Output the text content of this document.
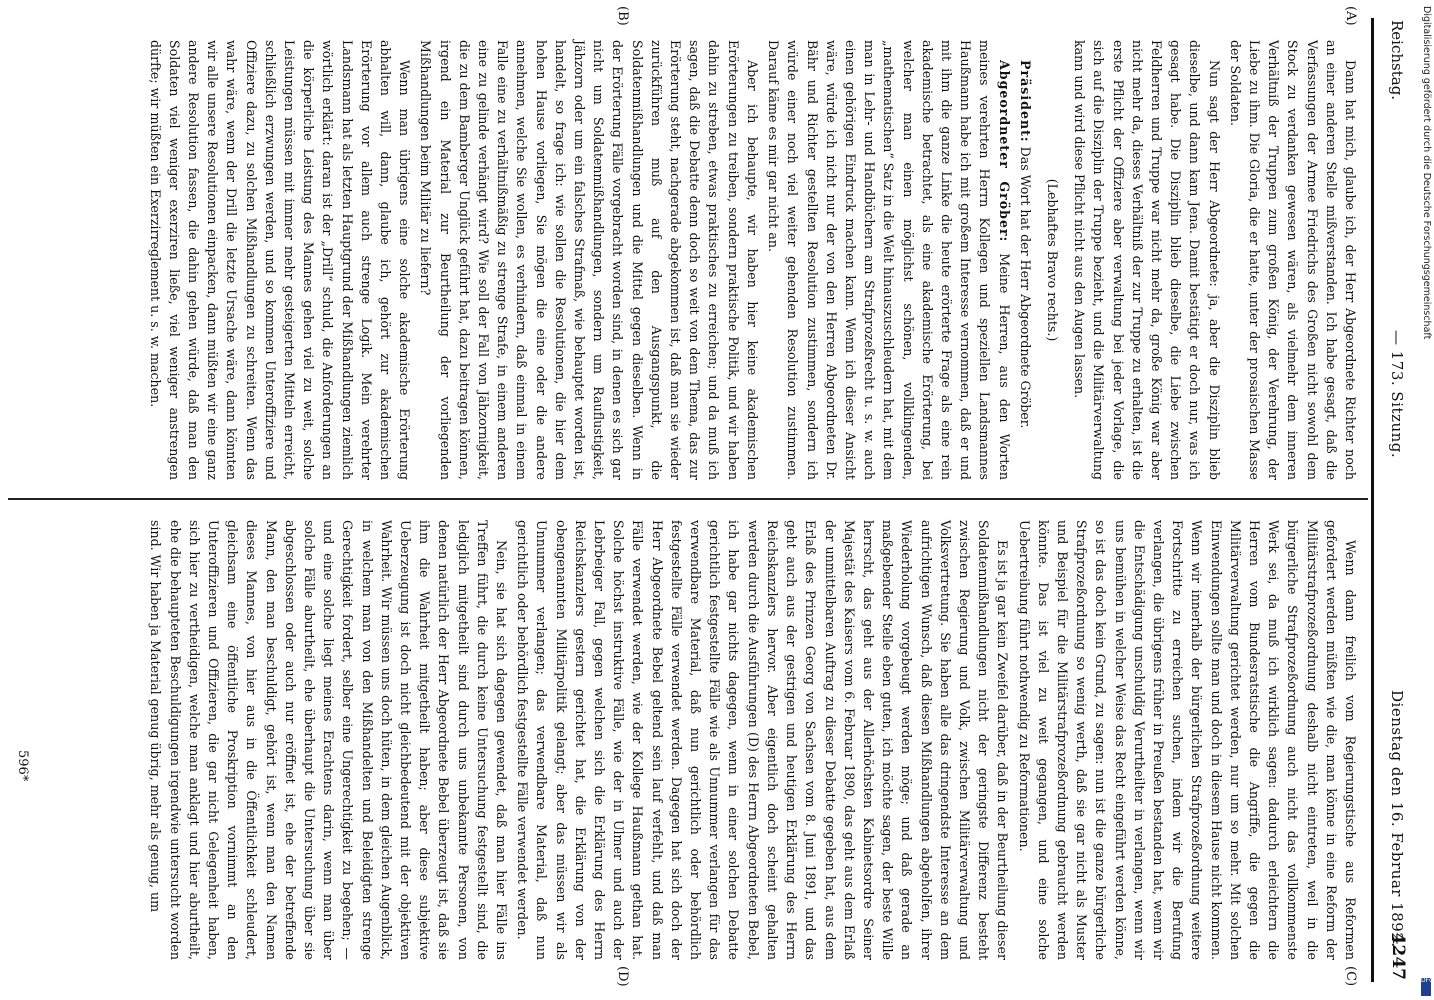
Reichstag.
— 173. Sitzung.
Dienstag den 16. Februar 1892.
4247
(A)
(B)
(C)
(D)

Dann hat mich, glaube ich, der Herr Abgeordnete Richter noch an einer anderen Stelle mißverstanden. Ich habe gesagt, daß die Verfassungen der Armee Friedrichs des Großen nicht sowohl dem Stock zu verdanken gewesen wären, als vielmehr dem inneren Verhältniß der Truppen zum großen König, der Verehrung, der Liebe zu ihm. Die Gloria, die er hatte, unter der prosaischen Masse der Soldaten.

Nun sagt der Herr Abgeordnete: ja, aber die Disziplin blieb dieselbe, und dann kam Jena. Damit bestätigt er doch nur, was ich gesagt habe. Die Disziplin blieb dieselbe, die Liebe zwischen Feldherren und Truppe war nicht mehr da, große König war aber nicht mehr da, dieses Verhältniß der zur Truppe zu erhalten, ist die erste Pflicht der Offiziere aber verwaltung bei jeder Vorlage, die sich auf die Disziplin der Truppe bezieht, und die Militärverwaltung kann und wird diese Pflicht nicht aus den Augen lassen.

(Lebhaftes Bravo rechts.)

Präsident: Das Wort hat der Herr Abgeordnete Gröber.

Abgeordneter Gröber: Meine Herren, aus den Worten meines verehrten Herrn Kollegen und speziellen Landsmannes Haußmann habe ich mit großem Interesse vernommen, daß er und mit ihm die ganze Linke die heute erörterte Frage als eine rein akademische betrachtet, als eine akademische Erörterung, bei welcher man einen möglichst schönen, vollklingenden, „mathematischen“ Satz in die Welt hinauszuschleudern hat, mit dem man in Lehr- und Handbüchern am Strafprozeßrecht u. s. w. auch einen gehörigen Eindruck machen kann. Wenn ich dieser Ansicht wäre, würde ich nicht nur der von den Herren Abgeordneten Dr. Bähr und Richter gestellten Resolution zustimmen, sondern ich würde einer noch viel weiter gehenden Resolution zustimmen. Darauf käme es mir gar nicht an.

Aber ich behaupte, wir haben hier keine akademischen Erörterungen zu treiben, sondern praktische Politik, und wir haben dahin zu streben, etwas praktisches zu erreichen; und da muß ich sagen, daß die Debatte denn doch so weit von dem Thema, das zur Erörterung steht, nachgerade abgekommen ist, daß man sie wieder zurückführen muß auf den Ausgangspunkt, die Soldatenmißhandlungen und die Mittel gegen dieselben. Wenn in der Erörterung Fälle vorgebracht worden sind, in denen es sich gar nicht um Soldatenmißhandlungen, sondern um Rauflustigkeit, Jähzorn oder um ein falsches Strafmaß, wie behauptet worden ist, handelt, so frage ich: wie sollen die Resolutionen, die hier dem hohen Hause vorliegen, Sie mögen die eine oder die andere annehmen, welche Sie wollen, es verhindern, daß einmal in einem Falle eine zu verhältnißmäßig zu strenge Strafe, in einem anderen eine zu gelinde verhängt wird? Wie soll der Fall von Jähzornigkeit, die zu dem Bamberger Unglück geführt hat, dazu beitragen können, irgend ein Material zur Beurtheilung der vorliegenden Mißhandlungen beim Militär zu liefern?

Wenn man übrigens eine solche akademische Erörterung abhalten will, dann, glaube ich, gehört zur akademischen Erörterung vor allem auch strenge Logik. Mein verehrter Landsmann hat als letzten Hauptgrund der Mißhandlungen ziemlich wörtlich erklärt: daran ist der „Drill“ schuld, die Anforderungen an die körperliche Leistung des Mannes gehen viel zu weit, solche Leistungen müssen mit immer mehr gesteigerten Mitteln erreicht, schließlich erzwungen werden, und so kommen Unteroffiziere und Offiziere dazu, zu solchen Mißhandlungen zu schreiten. Wenn das wahr wäre, wenn der Drill die letzte Ursache wäre, dann könnten wir alle unsere Resolutionen einpacken, dann müßten wir eine ganz andere Resolution fassen, die dahin gehen würde, daß man den Soldaten viel weniger exerziren ließe, viel weniger anstrengen dürfte; wir müßten ein Exerzirreglement u. s. w. machen.

Wenn dann freilich vom Regierungstische aus Reformen gefordert werden müßten wie die, man könne in eine Reform der Militärstrafprozeßordnung deshalb nicht eintreten, weil in die bürgerliche Strafprozeßordnung auch nicht das vollkommenste Werk sei, da muß ich wirklich sagen: dadurch erleichtern die Herren vom Bundesratstische die Angriffe, die gegen die Militärverwaltung gerichtet werden, nur um so mehr. Mit solchen Einwendungen sollte man und doch in diesem Hause nicht kommen. Wenn wir innerhalb der bürgerlichen Strafprozeßordnung weitere Fortschritte zu erreichen suchen, indem wir die Berufung verlangen, die übrigens früher in Preußen bestanden hat, wenn wir die Entschädigung unschuldig Verurtheilter in verlangen, wenn wir uns bemühen in welcher Weise das Recht eingeführt werden könne, so ist das doch kein Grund, zu sagen: nun ist die ganze bürgerliche Strafprozeßordnung so wenig werth, daß sie gar nicht als Muster und Beispiel für die Militärstrafprozeßordnung gebraucht werden könnte. Das ist viel zu weit gegangen, und eine solche Uebertreibung führt nothwendig zu Reformationen.

Es ist ja gar kein Zweifel darüber, daß in der Beurtheilung dieser Soldatenmißhandlungen nicht der geringste Differenz besteht zwischen Regierung und Volk, zwischen Militärverwaltung und Volksvertretung. Sie haben alle das dringendste Interesse an dem aufrichtigen Wunsch, daß diesen Mißhandlungen abgeholfen, ihrer Wiederholung vorgebeugt werden möge; und daß gerade an maßgebender Stelle eben guten, ich möchte sagen, der beste Wille herrscht, das geht aus der Allerhöchsten Kabinetsordre Seiner Majestät des Kaisers vom 6. Februar 1890, das geht aus dem Erlaß der unmittelbaren Auftrag zu dieser Debatte gegeben hat, aus dem Erlaß des Prinzen Georg von Sachsen vom 8. Juni 1891, und das geht auch aus der gestrigen und heutigen Erklärung des Herrn Reichskanzlers hervor. Aber eigentlich doch scheint gehalten werden durch die Ausführungen (D) des Herrn Abgeordneten Bebel, ich habe gar nichts dagegen, wenn in einer solchen Debatte gerichtlich festgestellte Fälle wie als Unnummer verlangen für das verwendbare Material, daß nun gerichtlich oder behördlich festgestellte Fälle verwendet werden. Dagegen hat sich doch der Herr Abgeordnete Bebel geltend sein lauf verfehlt, und daß man Fälle verwendet werden, wie der Kollege Haußmann gethan hat. Solche höchst instruktive Fälle, wie der in Ulmer und auch der Lebrbeiger Fall, gegen welchen sich die Erklärung des Herrn Reichskanzlers gestern gerichtet hat, die Erklärung von der obengenannten Militärpolitik gelangt; aber das müssen wir als Unnummer verlangen; das verwendbare Material, daß nun gerichtlich oder behördlich festgestellte Fälle verwendet werden.

Nein, sie hat sich dagegen gewendet, daß man hier Fälle ins Treffen führt, die durch keine Untersuchung festgestellt sind, die lediglich mitgetheilt sind durch uns unbekannte Personen, von denen natürlich der Herr Abgeordnete Bebel überzeugt ist, daß sie ihm die Wahrheit mitgetheilt haben; aber diese subjektive Ueberzeugung ist doch nicht gleichbedeutend mit der objektiven Wahrheit. Wir müssen uns doch hüten, in dem gleichen Augenblick, in welchem man von den Mißhandelten und Beleidigten strenge Gerechtigkeit fordert, selber eine Ungerechtigkeit zu begehen; — und eine solche liegt meines Erachtens darin, wenn man über solche Fälle aburtheilt, ehe überhaupt die Untersuchung über sie abgeschlossen oder auch nur eröffnet ist, ehe der betreffende Mann, den man beschuldigt, gehört ist, wenn man den Namen dieses Mannes, von hier aus in die Öffentlichkeit schleudert, gleichsam eine öffentliche Proskription vornimmt an den Unteroffizieren und Offizieren, die gar nicht Gelegenheit haben, sich hier zu vertheidigen, welche man anklagt und hier aburtheilt, ehe die behaupteten Beschuldigungen irgendwie untersucht worden sind. Wir haben ja Material genug übrig, mehr als genug, um

596*
Digitalisierung gefördert durch die Deutsche Forschungsgemeinschaft
DFG
